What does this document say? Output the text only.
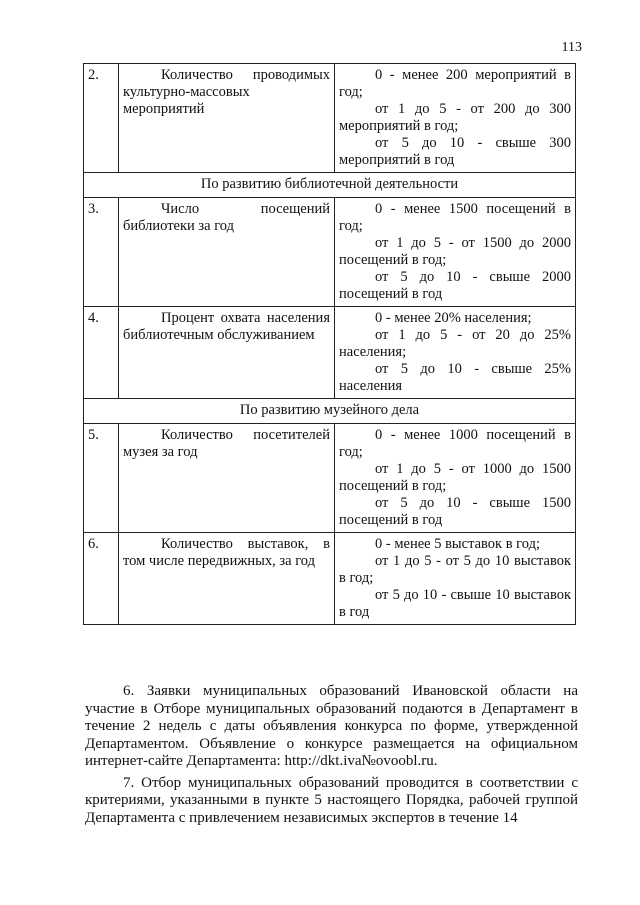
113
2.	Количество проводимых культурно-массовых мероприятий	0 - менее 200 мероприятий в год;

от 1 до 5 - от 200 до 300 мероприятий в год;

от 5 до 10 - свыше 300 мероприятий в год

По развитию библиотечной деятельности		
3.	Число посещений библиотеки за год	0 - менее 1500 посещений в год;

от 1 до 5 - от 1500 до 2000 посещений в год;

от 5 до 10 - свыше 2000 посещений в год

4.	Процент охвата населения библиотечным обслуживанием	0 - менее 20% населения;

от 1 до 5 - от 20 до 25% населения;

от 5 до 10 - свыше 25% населения

По развитию музейного дела		
5.	Количество посетителей музея за год	0 - менее 1000 посещений в год;

от 1 до 5 - от 1000 до 1500 посещений в год;

от 5 до 10 - свыше 1500 посещений в год

6.	Количество выставок, в том числе передвижных, за год	0 - менее 5 выставок в год;

от 1 до 5 - от 5 до 10 выставок в год;

от 5 до 10 - свыше 10 выставок в год

6. Заявки муниципальных образований Ивановской области на участие в Отборе муниципальных образований подаются в Департамент в течение 2 недель с даты объявления конкурса по форме, утвержденной Департаментом. Объявление о конкурсе размещается на официальном интернет-сайте Департамента: http://dkt.iva№ovoobl.ru.

7. Отбор муниципальных образований проводится в соответствии с критериями, указанными в пункте 5 настоящего Порядка, рабочей группой Департамента с привлечением независимых экспертов в течение 14
